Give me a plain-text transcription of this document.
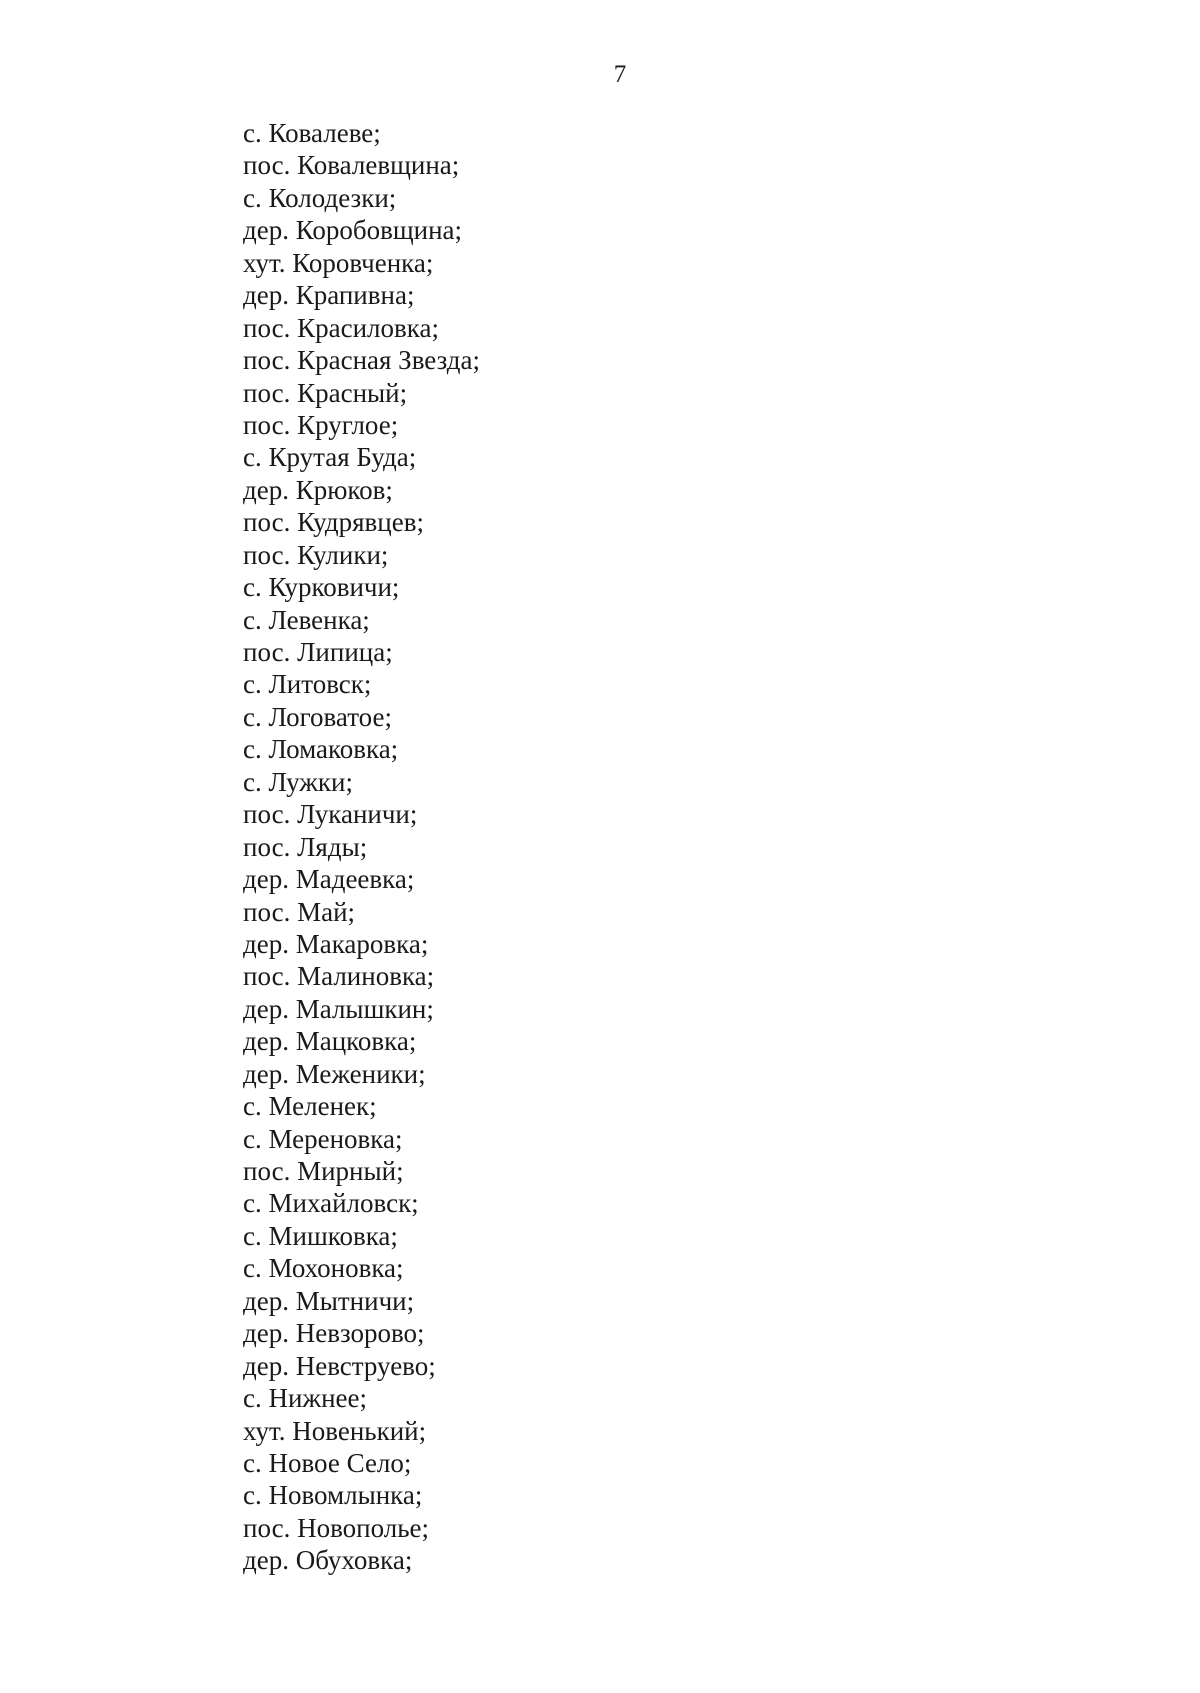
7
с. Ковалеве;
пос. Ковалевщина;
с. Колодезки;
дер. Коробовщина;
хут. Коровченка;
дер. Крапивна;
пос. Красиловка;
пос. Красная Звезда;
пос. Красный;
пос. Круглое;
с. Крутая Буда;
дер. Крюков;
пос. Кудрявцев;
пос. Кулики;
с. Курковичи;
с. Левенка;
пос. Липица;
с. Литовск;
с. Логоватое;
с. Ломаковка;
с. Лужки;
пос. Луканичи;
пос. Ляды;
дер. Мадеевка;
пос. Май;
дер. Макаровка;
пос. Малиновка;
дер. Малышкин;
дер. Мацковка;
дер. Меженики;
с. Меленек;
с. Мереновка;
пос. Мирный;
с. Михайловск;
с. Мишковка;
с. Мохоновка;
дер. Мытничи;
дер. Невзорово;
дер. Невструево;
с. Нижнее;
хут. Новенький;
с. Новое Село;
с. Новомлынка;
пос. Новополье;
дер. Обуховка;
